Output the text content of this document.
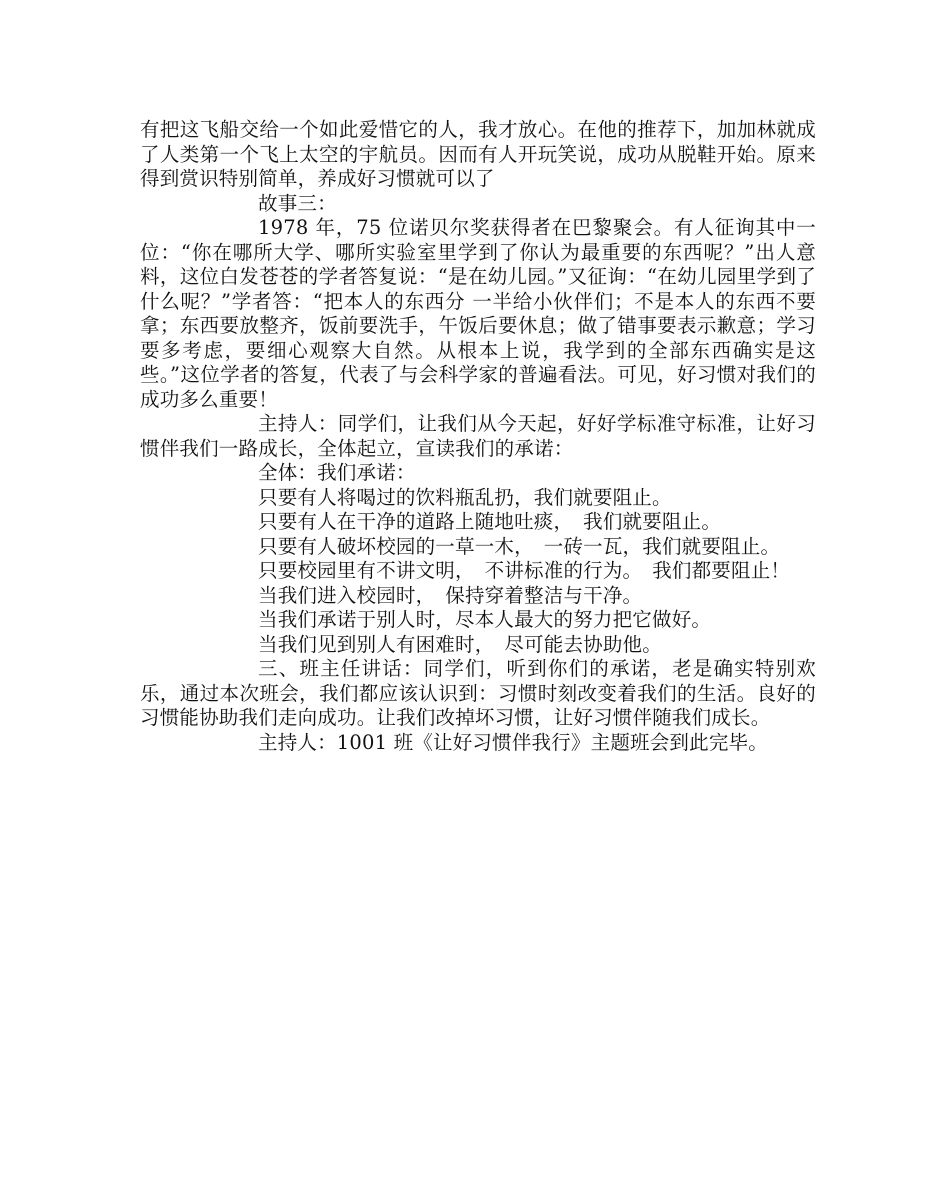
有把这飞船交给一个如此爱惜它的人，我才放心。在他的推荐下，加加林就成了人类第一个飞上太空的宇航员。因而有人开玩笑说，成功从脱鞋开始。原来得到赏识特别简单，养成好习惯就可以了

故事三：

1978 年，75 位诺贝尔奖获得者在巴黎聚会。有人征询其中一位：“你在哪所大学、哪所实验室里学到了你认为最重要的东西呢？”出人意料，这位白发苍苍的学者答复说：“是在幼儿园。”又征询：“在幼儿园里学到了什么呢？”学者答：“把本人的东西分 一半给小伙伴们；不是本人的东西不要拿；东西要放整齐，饭前要洗手，午饭后要休息；做了错事要表示歉意；学习要多考虑，要细心观察大自然。从根本上说，我学到的全部东西确实是这些。”这位学者的答复，代表了与会科学家的普遍看法。可见，好习惯对我们的成功多么重要！

主持人：同学们，让我们从今天起，好好学标准守标准，让好习惯伴我们一路成长，全体起立，宣读我们的承诺：

全体：我们承诺：

只要有人将喝过的饮料瓶乱扔，我们就要阻止。

只要有人在干净的道路上随地吐痰，　我们就要阻止。

只要有人破坏校园的一草一木，　一砖一瓦，我们就要阻止。

只要校园里有不讲文明，　不讲标准的行为。　我们都要阻止！

当我们进入校园时，　保持穿着整洁与干净。

当我们承诺于别人时，尽本人最大的努力把它做好。

当我们见到别人有困难时，　尽可能去协助他。

三、班主任讲话：同学们，听到你们的承诺，老是确实特别欢乐，通过本次班会，我们都应该认识到：习惯时刻改变着我们的生活。良好的习惯能协助我们走向成功。让我们改掉坏习惯，让好习惯伴随我们成长。

主持人：1001 班《让好习惯伴我行》主题班会到此完毕。
